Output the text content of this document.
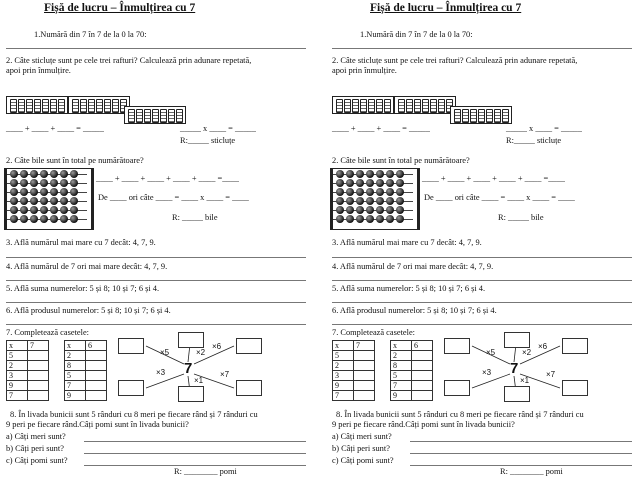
Fișă de lucru – Înmulțirea cu 7
1.Numără din 7 în 7 de la 0 la 70:
2. Câte sticluțe sunt pe cele trei rafturi? Calculează prin adunare repetată,
apoi prin înmulțire.
____ + ____ + ____ = _____	_____ x ____ = _____
R:_____ sticluțe
2. Câte bile sunt în total pe numărătoare?
____ + ____ + ____ + ____ + ____ =____
De ____ ori câte ____ = ____ x ____ = ____
R: _____ bile
3. Află numărul mai mare cu 7 decât: 4, 7, 9.
4. Află numărul de 7 ori mai mare decât: 4, 7, 9.
5. Află suma numerelor: 5 și 8; 10 și 7; 6 și 4.
6. Află produsul numerelor: 5 și 8; 10 și 7; 6 și 4.
7. Completează casetele:
x	7
5	
2	
3	
9	
7	
x	6
2	
8	
5	
7	
9	
7
×5	×2
×6
×3
×1
×7
8. În livada bunicii sunt 5 rânduri cu 8 meri pe fiecare rând și 7 rânduri cu
9 peri pe fiecare rând.Câți pomi sunt în livada bunicii?
a) Câți meri sunt?
b) Câți peri sunt?
c) Câți pomi sunt?
R: ________ pomi
Fișă de lucru – Înmulțirea cu 7
1.Numără din 7 în 7 de la 0 la 70:
2. Câte sticluțe sunt pe cele trei rafturi? Calculează prin adunare repetată,
apoi prin înmulțire.
____ + ____ + ____ = _____	_____ x ____ = _____
R:_____ sticluțe
2. Câte bile sunt în total pe numărătoare?
____ + ____ + ____ + ____ + ____ =____
De ____ ori câte ____ = ____ x ____ = ____
R: _____ bile
3. Află numărul mai mare cu 7 decât: 4, 7, 9.
4. Află numărul de 7 ori mai mare decât: 4, 7, 9.
5. Află suma numerelor: 5 și 8; 10 și 7; 6 și 4.
6. Află produsul numerelor: 5 și 8; 10 și 7; 6 și 4.
7. Completează casetele:
x	7
5	
2	
3	
9	
7	
x	6
2	
8	
5	
7	
9	
7
×5	×2
×6
×3
×1
×7
8. În livada bunicii sunt 5 rânduri cu 8 meri pe fiecare rând și 7 rânduri cu
9 peri pe fiecare rând.Câți pomi sunt în livada bunicii?
a) Câți meri sunt?
b) Câți peri sunt?
c) Câți pomi sunt?
R: ________ pomi
